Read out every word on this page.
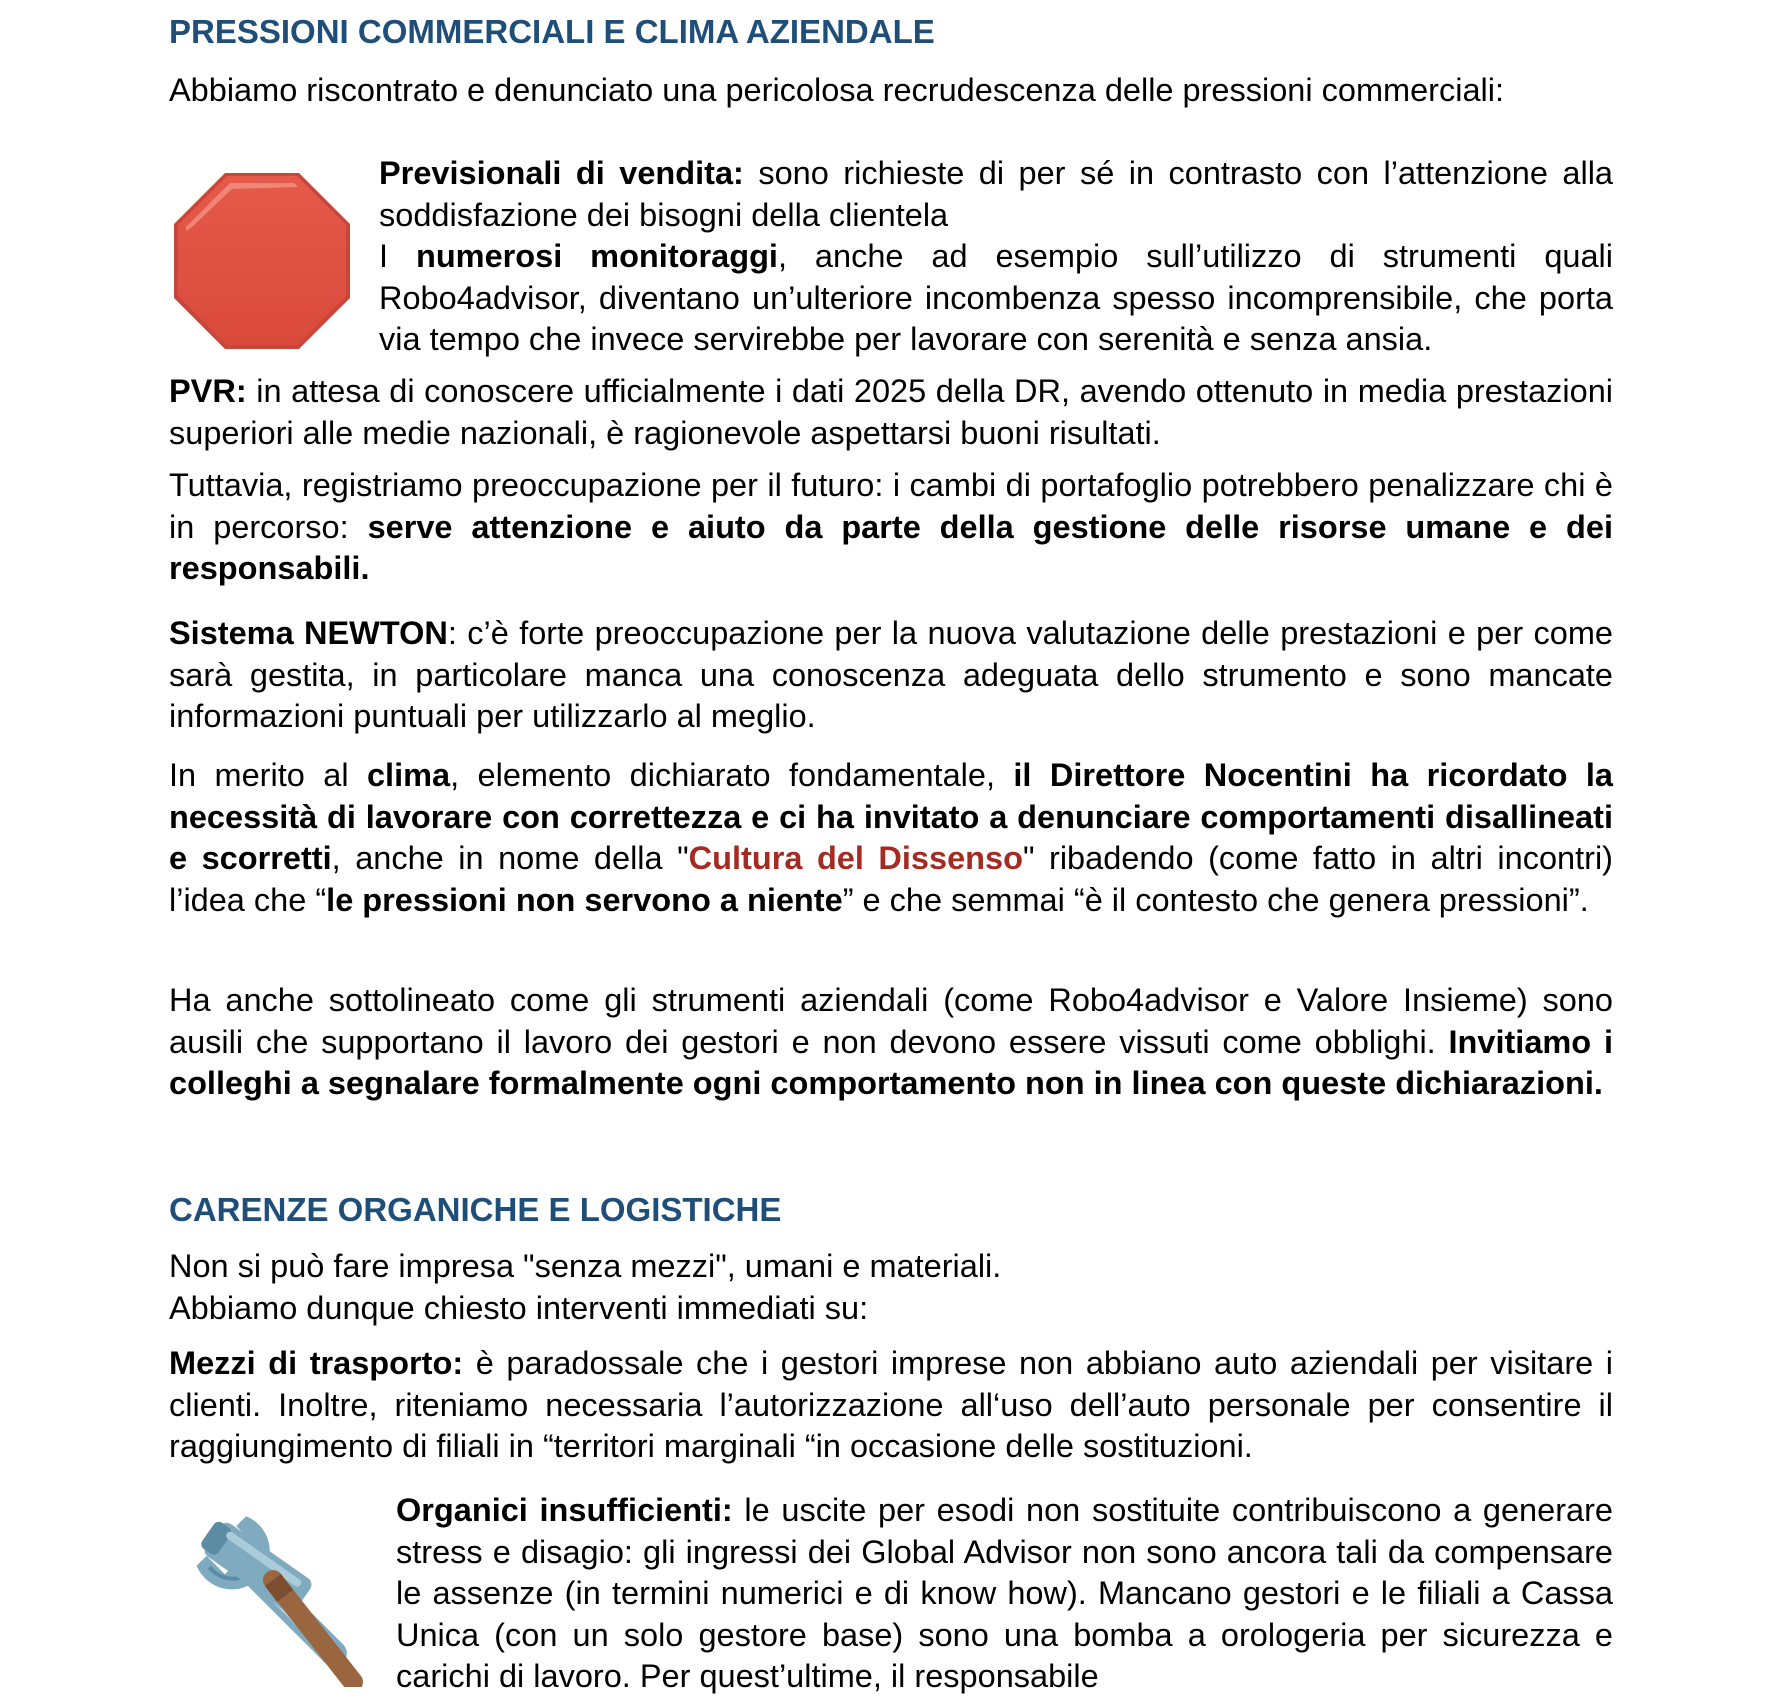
PRESSIONI COMMERCIALI E CLIMA AZIENDALE

Abbiamo riscontrato e denunciato una pericolosa recrudescenza delle pressioni commerciali:

Previsionali di vendita: sono richieste di per sé in contrasto con l’attenzione alla soddisfazione dei bisogni della clientela

I numerosi monitoraggi, anche ad esempio sull’utilizzo di strumenti quali Robo4advisor, diventano un’ulteriore incombenza spesso incomprensibile, che porta via tempo che invece servirebbe per lavorare con serenità e senza ansia.

PVR: in attesa di conoscere ufficialmente i dati 2025 della DR, avendo ottenuto in media prestazioni superiori alle medie nazionali, è ragionevole aspettarsi buoni risultati.

Tuttavia, registriamo preoccupazione per il futuro: i cambi di portafoglio potrebbero penalizzare chi è in percorso: serve attenzione e aiuto da parte della gestione delle risorse umane e dei responsabili.

Sistema NEWTON: c’è forte preoccupazione per la nuova valutazione delle prestazioni e per come sarà gestita, in particolare manca una conoscenza adeguata dello strumento e sono mancate informazioni puntuali per utilizzarlo al meglio.

In merito al clima, elemento dichiarato fondamentale, il Direttore Nocentini ha ricordato la necessità di lavorare con correttezza e ci ha invitato a denunciare comportamenti disallineati e scorretti, anche in nome della "Cultura del Dissenso" ribadendo (come fatto in altri incontri) l’idea che “le pressioni non servono a niente” e che semmai “è il contesto che genera pressioni”.

Ha anche sottolineato come gli strumenti aziendali (come Robo4advisor e Valore Insieme) sono ausili che supportano il lavoro dei gestori e non devono essere vissuti come obblighi. Invitiamo i colleghi a segnalare formalmente ogni comportamento non in linea con queste dichiarazioni.

CARENZE ORGANICHE E LOGISTICHE

Non si può fare impresa "senza mezzi", umani e materiali.
Abbiamo dunque chiesto interventi immediati su:

Mezzi di trasporto: è paradossale che i gestori imprese non abbiano auto aziendali per visitare i clienti. Inoltre, riteniamo necessaria l’autorizzazione all‘uso dell’auto personale per consentire il raggiungimento di filiali in “territori marginali “in occasione delle sostituzioni.

Organici insufficienti: le uscite per esodi non sostituite contribuiscono a generare stress e disagio: gli ingressi dei Global Advisor non sono ancora tali da compensare le assenze (in termini numerici e di know how). Mancano gestori e le filiali a Cassa Unica (con un solo gestore base) sono una bomba a orologeria per sicurezza e carichi di lavoro. Per quest’ultime, il responsabile
